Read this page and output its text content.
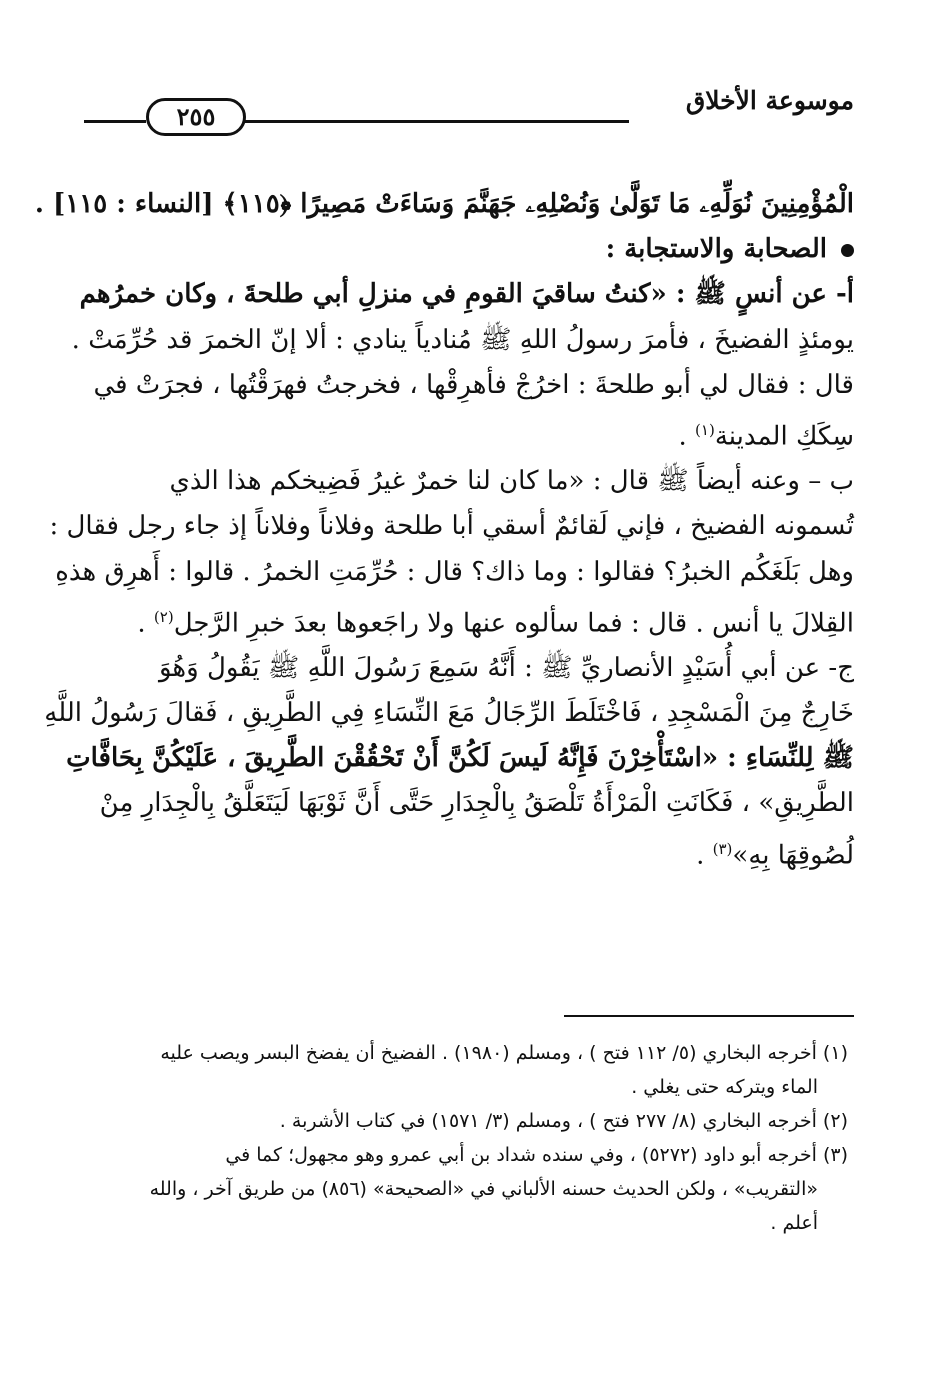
موسوعة الأخلاق
٢٥٥
الْمُؤْمِنِينَ نُوَلِّهِۦ مَا تَوَلَّىٰ وَنُصْلِهِۦ جَهَنَّمَ وَسَاءَتْ مَصِيرًا ﴿١١٥﴾ [النساء : ١١٥] .
الصحابة والاستجابة :
أ- عن أنسٍ ﷺ : «كنتُ ساقيَ القومِ في منزلِ أبي طلحةَ ، وكان خمرُهم
يومئذٍ الفضيخَ ، فأمرَ رسولُ اللهِ ﷺ مُنادياً ينادي : ألا إنّ الخمرَ قد حُرِّمَتْ .
قال : فقال لي أبو طلحةَ : اخرُجْ فأهرِقْها ، فخرجتُ فهرَقْتُها ، فجرَتْ في
سِكَكِ المدينة$^{(١)}$ .
ب – وعنه أيضاً ﷺ قال : «ما كان لنا خمرٌ غيرُ فَضِيخكم هذا الذي
تُسمونه الفضيخ ، فإني لَقائمٌ أسقي أبا طلحة وفلاناً وفلاناً إذ جاء رجل فقال :
وهل بَلَغَكُم الخبرُ؟ فقالوا : وما ذاك؟ قال : حُرِّمَتِ الخمرُ . قالوا : أَهرِق هذهِ
القِلالَ يا أنس . قال : فما سألوه عنها ولا راجَعوها بعدَ خبرِ الرَّجل$^{(٢)}$ .
ج- عن أبي أُسَيْدٍ الأنصاريِّ ﷺ : أَنَّهُ سَمِعَ رَسُولَ اللَّهِ ﷺ يَقُولُ وَهُوَ
خَارِجٌ مِنَ الْمَسْجِدِ ، فَاخْتَلَطَ الرِّجَالُ مَعَ النِّسَاءِ فِي الطَّرِيقِ ، فَقالَ رَسُولُ اللَّهِ
ﷺ لِلنِّسَاءِ : «اسْتَأْخِرْنَ فَإِنَّهُ لَيسَ لَكُنَّ أَنْ تَحْقُقْنَ الطَّرِيقَ ، عَلَيْكُنَّ بِحَافَّاتِ
الطَّرِيقِ» ، فَكَانَتِ الْمَرْأَةُ تَلْصَقُ بِالْجِدَارِ حَتَّى أَنَّ ثَوْبَهَا لَيَتَعَلَّقُ بِالْجِدَارِ مِنْ
لُصُوقِهَا بِهِ»$^{(٣)}$ .
(١) أخرجه البخاري (٥/ ١١٢ فتح ) ، ومسلم (١٩٨٠) . الفضيخ أن يفضخ البسر ويصب عليه
الماء ويتركه حتى يغلي .
(٢) أخرجه البخاري (٨/ ٢٧٧ فتح ) ، ومسلم (٣/ ١٥٧١) في كتاب الأشربة .
(٣) أخرجه أبو داود (٥٢٧٢) ، وفي سنده شداد بن أبي عمرو وهو مجهول؛ كما في
«التقريب» ، ولكن الحديث حسنه الألباني في «الصحيحة» (٨٥٦) من طريق آخر ، والله
أعلم .
